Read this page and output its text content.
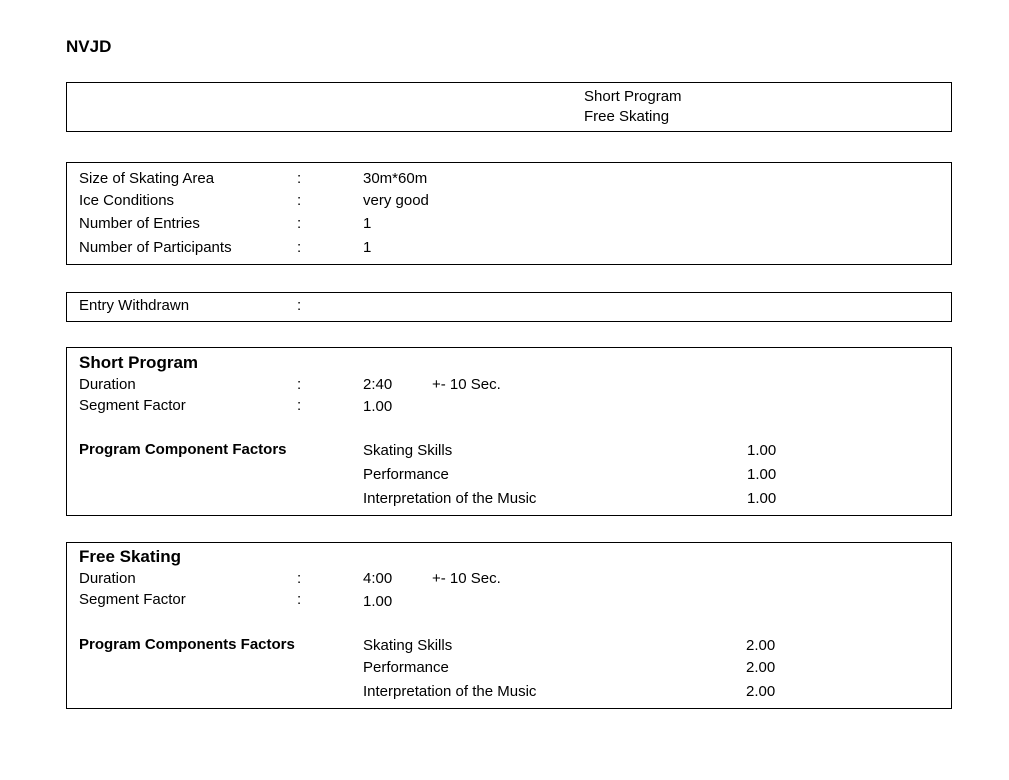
NVJD
Short Program
Free Skating
Size of Skating Area	:	30m*60m
Ice Conditions	:	very good
Number of Entries	:	1
Number of Participants	:	1
Entry Withdrawn	:
Short Program
Duration	:	2:40	+- 10 Sec.
Segment Factor	:	1.00
Program Component Factors	Skating Skills	1.00
Performance	1.00
Interpretation of the Music	1.00
Free Skating
Duration	:	4:00	+- 10 Sec.
Segment Factor	:	1.00
Program Components Factors	Skating Skills	2.00
Performance	2.00
Interpretation of the Music	2.00
